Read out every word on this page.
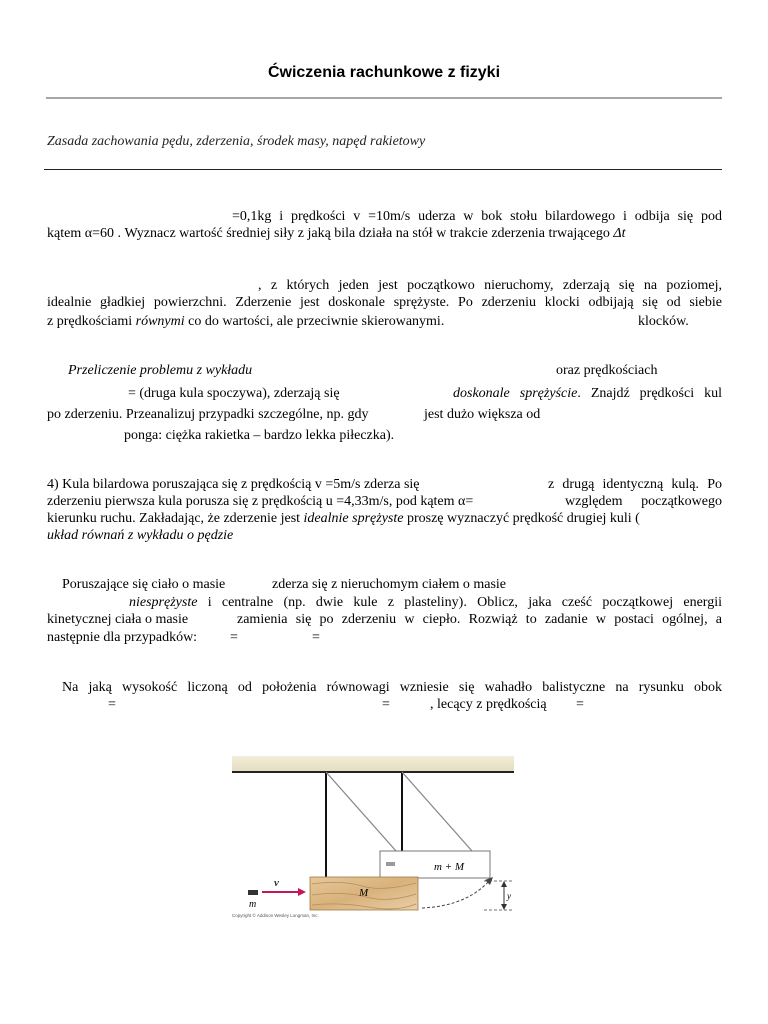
Ćwiczenia rachunkowe z fizyki
Zasada zachowania pędu, zderzenia, środek masy, napęd rakietowy
=0,1kg i prędkości v =10m/s uderza w bok stołu bilardowego i odbija się pod
kątem α=60 . Wyznacz wartość średniej siły z jaką bila działa na stół w trakcie zderzenia trwającego Δt
, z których jeden jest początkowo nieruchomy, zderzają się na poziomej,
idealnie gładkiej powierzchni. Zderzenie jest doskonale sprężyste. Po zderzeniu klocki odbijają się od siebie
z prędkościami równymi co do wartości, ale przeciwnie skierowanymi.	klocków.
Przeliczenie problemu z wykładu	oraz prędkościach
= (druga kula spoczywa), zderzają się	doskonale sprężyście. Znajdź prędkości kul
po zderzeniu. Przeanalizuj przypadki szczególne, np. gdy	jest dużo większa od
ponga: ciężka rakietka – bardzo lekka piłeczka).
4) Kula bilardowa poruszająca się z prędkością v =5m/s zderza się	z drugą identyczną kulą. Po
zderzeniu pierwsza kula porusza się z prędkością u =4,33m/s, pod kątem α=	względem początkowego
kierunku ruchu. Zakładając, że zderzenie jest idealnie sprężyste proszę wyznaczyć prędkość drugiej kuli (
układ równań z wykładu o pędzie
Poruszające się ciało o masie	zderza się z nieruchomym ciałem o masie
niesprężyste i centralne (np. dwie kule z plasteliny). Oblicz, jaka cześć początkowej energii
kinetycznej ciała o masie	zamienia się po zderzeniu w ciepło. Rozwiąż to zadanie w postaci ogólnej, a
następnie dla przypadków: =	=
Na jaką wysokość liczoną od położenia równowagi wzniesie się wahadło balistyczne na rysunku obok
=	=	, lecący z prędkością =
m + M
M
m
v
y
Copyright © Addison Wesley Longman, Inc.
